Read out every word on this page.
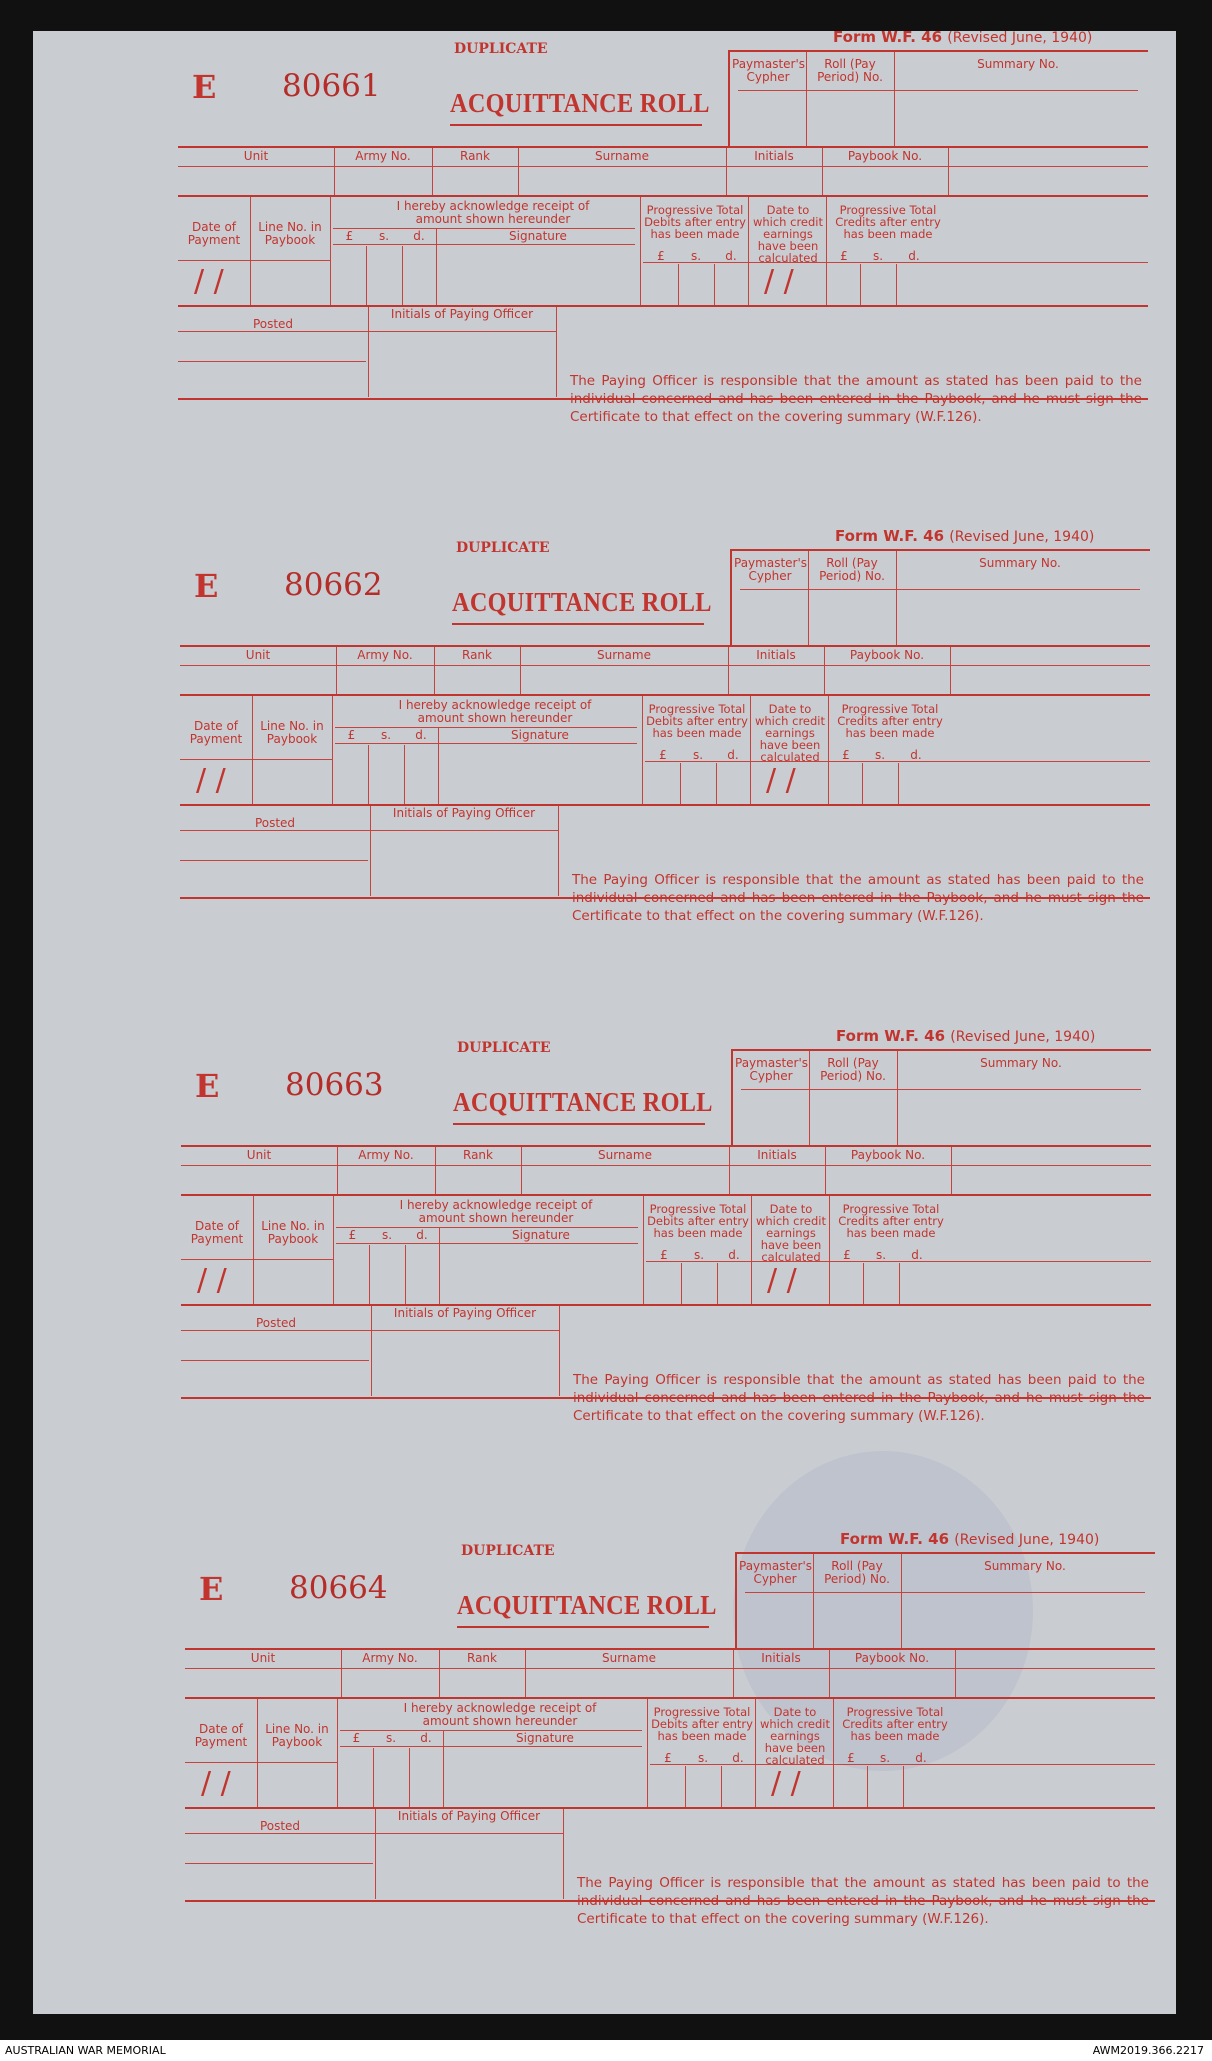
E 80661
DUPLICATE
ACQUITTANCE ROLL
Form W.F. 46 (Revised June, 1940)
Paymaster's Cypher
Roll (Pay Period) No.
Summary No.
Unit	Army No.	Rank	Surname	Initials	Paybook No.
Date of Payment
Line No. in Paybook
I hereby acknowledge receipt of amount shown hereunder
£	s.	d.	Signature
Progressive Total Debits after entry has been made
£	s.	d.
Date to which credit earnings have been calculated
Progressive Total Credits after entry has been made
£	s.	d.
/ /	/ /
Posted
Initials of Paying Officer
The Paying Officer is responsible that the amount as stated has been paid to the individual concerned and has been entered in the Paybook, and he must sign the Certificate to that effect on the covering summary (W.F.126).
E 80662
DUPLICATE
ACQUITTANCE ROLL
Form W.F. 46 (Revised June, 1940)
Paymaster's Cypher
Roll (Pay Period) No.
Summary No.
Unit	Army No.	Rank	Surname	Initials	Paybook No.
Date of Payment
Line No. in Paybook
I hereby acknowledge receipt of amount shown hereunder
£	s.	d.	Signature
Progressive Total Debits after entry has been made
£	s.	d.
Date to which credit earnings have been calculated
Progressive Total Credits after entry has been made
£	s.	d.
/ /	/ /
Posted
Initials of Paying Officer
The Paying Officer is responsible that the amount as stated has been paid to the individual concerned and has been entered in the Paybook, and he must sign the Certificate to that effect on the covering summary (W.F.126).
E 80663
DUPLICATE
ACQUITTANCE ROLL
Form W.F. 46 (Revised June, 1940)
Paymaster's Cypher
Roll (Pay Period) No.
Summary No.
Unit	Army No.	Rank	Surname	Initials	Paybook No.
Date of Payment
Line No. in Paybook
I hereby acknowledge receipt of amount shown hereunder
£	s.	d.	Signature
Progressive Total Debits after entry has been made
£	s.	d.
Date to which credit earnings have been calculated
Progressive Total Credits after entry has been made
£	s.	d.
/ /	/ /
Posted
Initials of Paying Officer
The Paying Officer is responsible that the amount as stated has been paid to the individual concerned and has been entered in the Paybook, and he must sign the Certificate to that effect on the covering summary (W.F.126).
E 80664
DUPLICATE
ACQUITTANCE ROLL
Form W.F. 46 (Revised June, 1940)
Paymaster's Cypher
Roll (Pay Period) No.
Summary No.
Unit	Army No.	Rank	Surname	Initials	Paybook No.
Date of Payment
Line No. in Paybook
I hereby acknowledge receipt of amount shown hereunder
£	s.	d.	Signature
Progressive Total Debits after entry has been made
£	s.	d.
Date to which credit earnings have been calculated
Progressive Total Credits after entry has been made
£	s.	d.
/ /	/ /
Posted
Initials of Paying Officer
The Paying Officer is responsible that the amount as stated has been paid to the individual concerned and has been entered in the Paybook, and he must sign the Certificate to that effect on the covering summary (W.F.126).
AUSTRALIAN WAR MEMORIAL	AWM2019.366.2217
